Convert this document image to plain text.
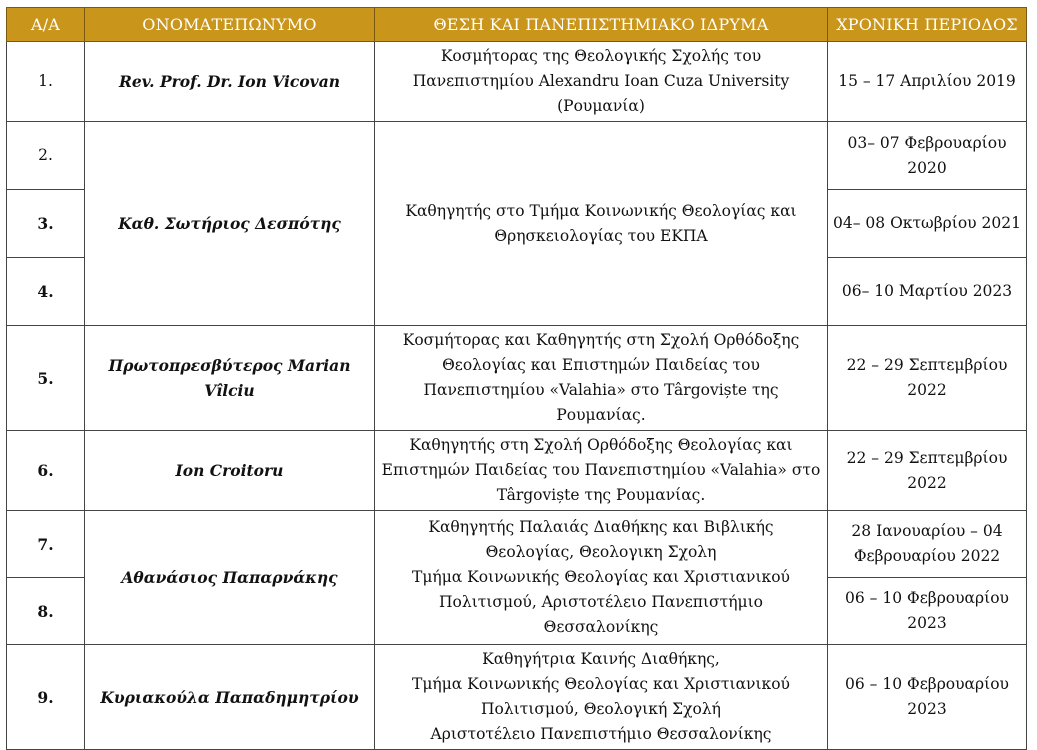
Α/Α	ΟΝΟΜΑΤΕΠΩΝΥΜΟ	ΘΕΣΗ ΚΑΙ ΠΑΝΕΠΙΣΤΗΜΙΑΚΟ ΙΔΡΥΜΑ	ΧΡΟΝΙΚΗ ΠΕΡΙΟΔΟΣ
1.	Rev. Prof. Dr. Ion Vicovan	Κοσμήτορας της Θεολογικής Σχολής του
Πανεπιστημίου Alexandru Ioan Cuza University
(Ρουμανία)	15 – 17 Απριλίου 2019

2.	Καθ. Σωτήριος Δεσπότης	Καθηγητής στο Τμήμα Κοινωνικής Θεολογίας και
Θρησκειολογίας του ΕΚΠΑ	03– 07 Φεβρουαρίου
2020

3.			04– 08 Οκτωβρίου 2021

4.			06– 10 Μαρτίου 2023

5.	Πρωτοπρεσβύτερος Marian Vîlciu	Κοσμήτορας και Καθηγητής στη Σχολή Ορθόδοξης
Θεολογίας και Επιστημών Παιδείας του
Πανεπιστημίου «Valahia» στο Târgoviște της
Ρουμανίας.	22 – 29 Σεπτεμβρίου
2022

6.	Ion Croitoru	Καθηγητής στη Σχολή Ορθόδοξης Θεολογίας και
Επιστημών Παιδείας του Πανεπιστημίου «Valahia» στο
Târgoviște της Ρουμανίας.	22 – 29 Σεπτεμβρίου
2022

7.	Αθανάσιος Παπαρνάκης	Καθηγητής Παλαιάς Διαθήκης και Βιβλικής
Θεολογίας, Θεολογικη Σχολη
Τμήμα Κοινωνικής Θεολογίας και Χριστιανικού
Πολιτισμού, Αριστοτέλειο Πανεπιστήμιο
Θεσσαλονίκης	28 Ιανουαρίου – 04
Φεβρουαρίου 2022

8.			06 – 10 Φεβρουαρίου
2023

9.	Κυριακούλα Παπαδημητρίου	Καθηγήτρια Καινής Διαθήκης,
Τμήμα Κοινωνικής Θεολογίας και Χριστιανικού
Πολιτισμού, Θεολογική Σχολή
Αριστοτέλειο Πανεπιστήμιο Θεσσαλονίκης	06 – 10 Φεβρουαρίου
2023
